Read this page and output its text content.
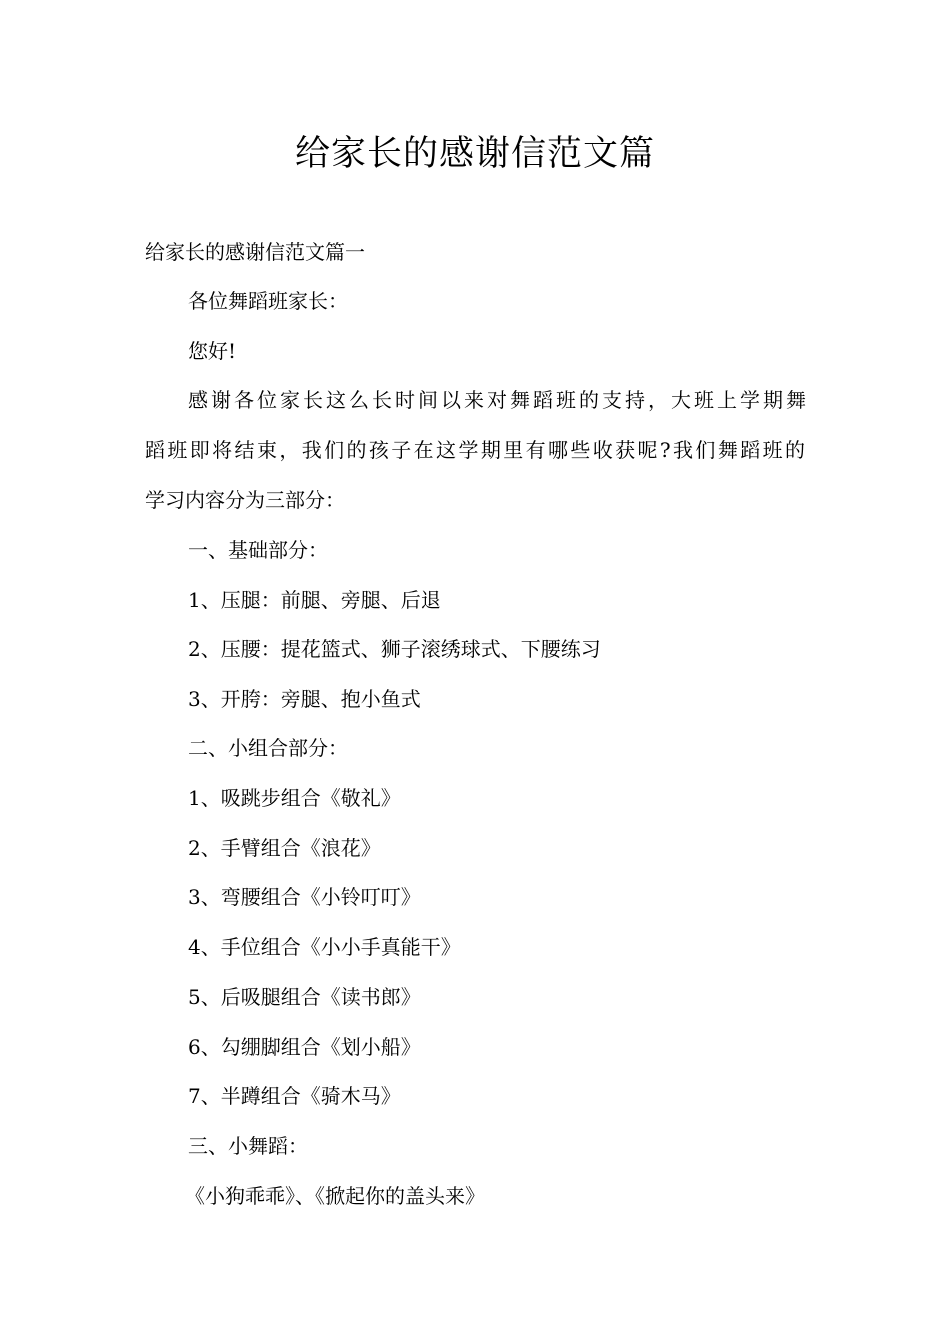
给家长的感谢信范文篇
给家长的感谢信范文篇一
各位舞蹈班家长：
您好!
感谢各位家长这么长时间以来对舞蹈班的支持，大班上学期舞
蹈班即将结束，我们的孩子在这学期里有哪些收获呢?我们舞蹈班的
学习内容分为三部分：
一、基础部分：
1、压腿：前腿、旁腿、后退
2、压腰：提花篮式、狮子滚绣球式、下腰练习
3、开胯：旁腿、抱小鱼式
二、小组合部分：
1、吸跳步组合《敬礼》
2、手臂组合《浪花》
3、弯腰组合《小铃叮叮》
4、手位组合《小小手真能干》
5、后吸腿组合《读书郎》
6、勾绷脚组合《划小船》
7、半蹲组合《骑木马》
三、小舞蹈：
《小狗乖乖》、《掀起你的盖头来》
